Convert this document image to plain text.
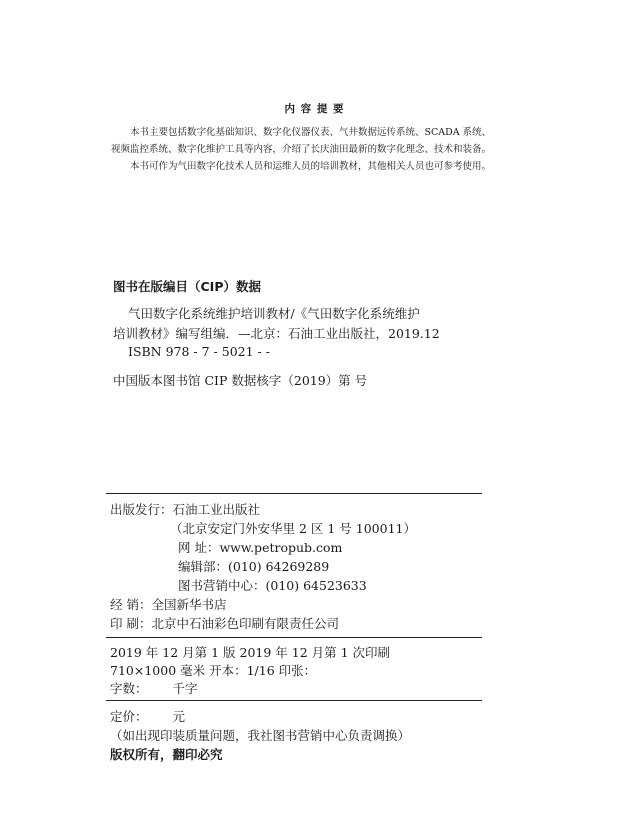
内 容 提 要
本书主要包括数字化基础知识、数字化仪器仪表、气井数据远传系统、SCADA 系统、
视频监控系统、数字化维护工具等内容，介绍了长庆油田最新的数字化理念、技术和装备。
本书可作为气田数字化技术人员和运维人员的培训教材，其他相关人员也可参考使用。
图书在版编目（CIP）数据
气田数字化系统维护培训教材/《气田数字化系统维护
培训教材》编写组编．—北京：石油工业出版社，2019.12
ISBN 978 - 7 - 5021 - -
中国版本图书馆 CIP 数据核字（2019）第 号
出版发行：石油工业出版社
（北京安定门外安华里 2 区 1 号 100011）
网 址：www.petropub.com
编辑部：(010) 64269289
图书营销中心：(010) 64523633
经 销：全国新华书店
印 刷：北京中石油彩色印刷有限责任公司
2019 年 12 月第 1 版 2019 年 12 月第 1 次印刷
710×1000 毫米 开本：1/16 印张：
字数： 千字
定价： 元
（如出现印装质量问题，我社图书营销中心负责调换）
版权所有，翻印必究
